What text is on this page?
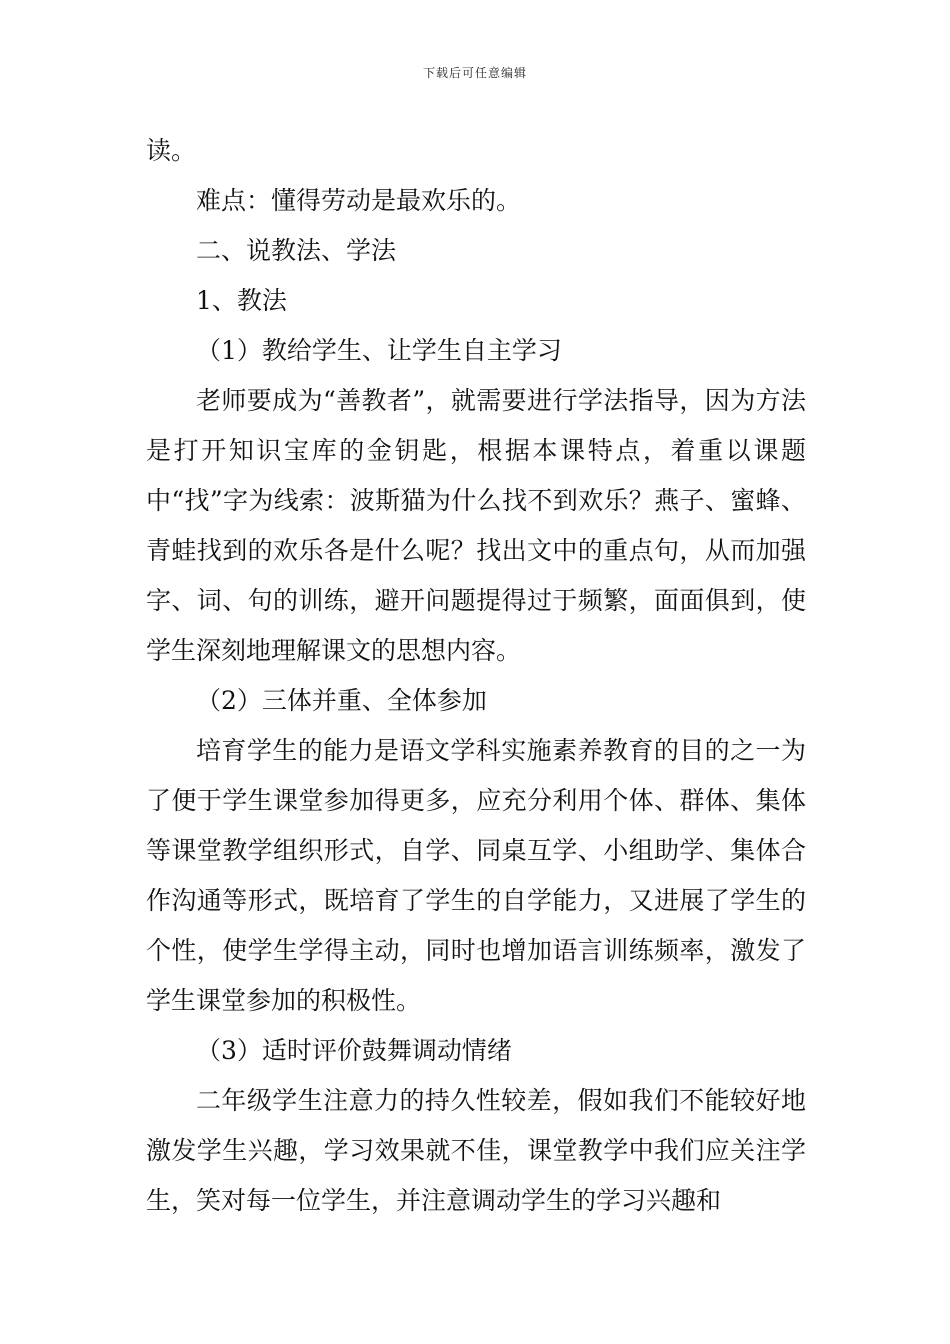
下载后可任意编辑

读。

难点：懂得劳动是最欢乐的。

二、说教法、学法

1、教法

（1）教给学生、让学生自主学习

老师要成为“善教者”，就需要进行学法指导，因为方法是打开知识宝库的金钥匙，根据本课特点，着重以课题中“找”字为线索：波斯猫为什么找不到欢乐？燕子、蜜蜂、青蛙找到的欢乐各是什么呢？找出文中的重点句，从而加强字、词、句的训练，避开问题提得过于频繁，面面俱到，使学生深刻地理解课文的思想内容。

（2）三体并重、全体参加

培育学生的能力是语文学科实施素养教育的目的之一为了便于学生课堂参加得更多，应充分利用个体、群体、集体等课堂教学组织形式，自学、同桌互学、小组助学、集体合作沟通等形式，既培育了学生的自学能力，又进展了学生的个性，使学生学得主动，同时也增加语言训练频率，激发了学生课堂参加的积极性。

（3）适时评价鼓舞调动情绪

二年级学生注意力的持久性较差，假如我们不能较好地激发学生兴趣，学习效果就不佳，课堂教学中我们应关注学生，笑对每一位学生，并注意调动学生的学习兴趣和
